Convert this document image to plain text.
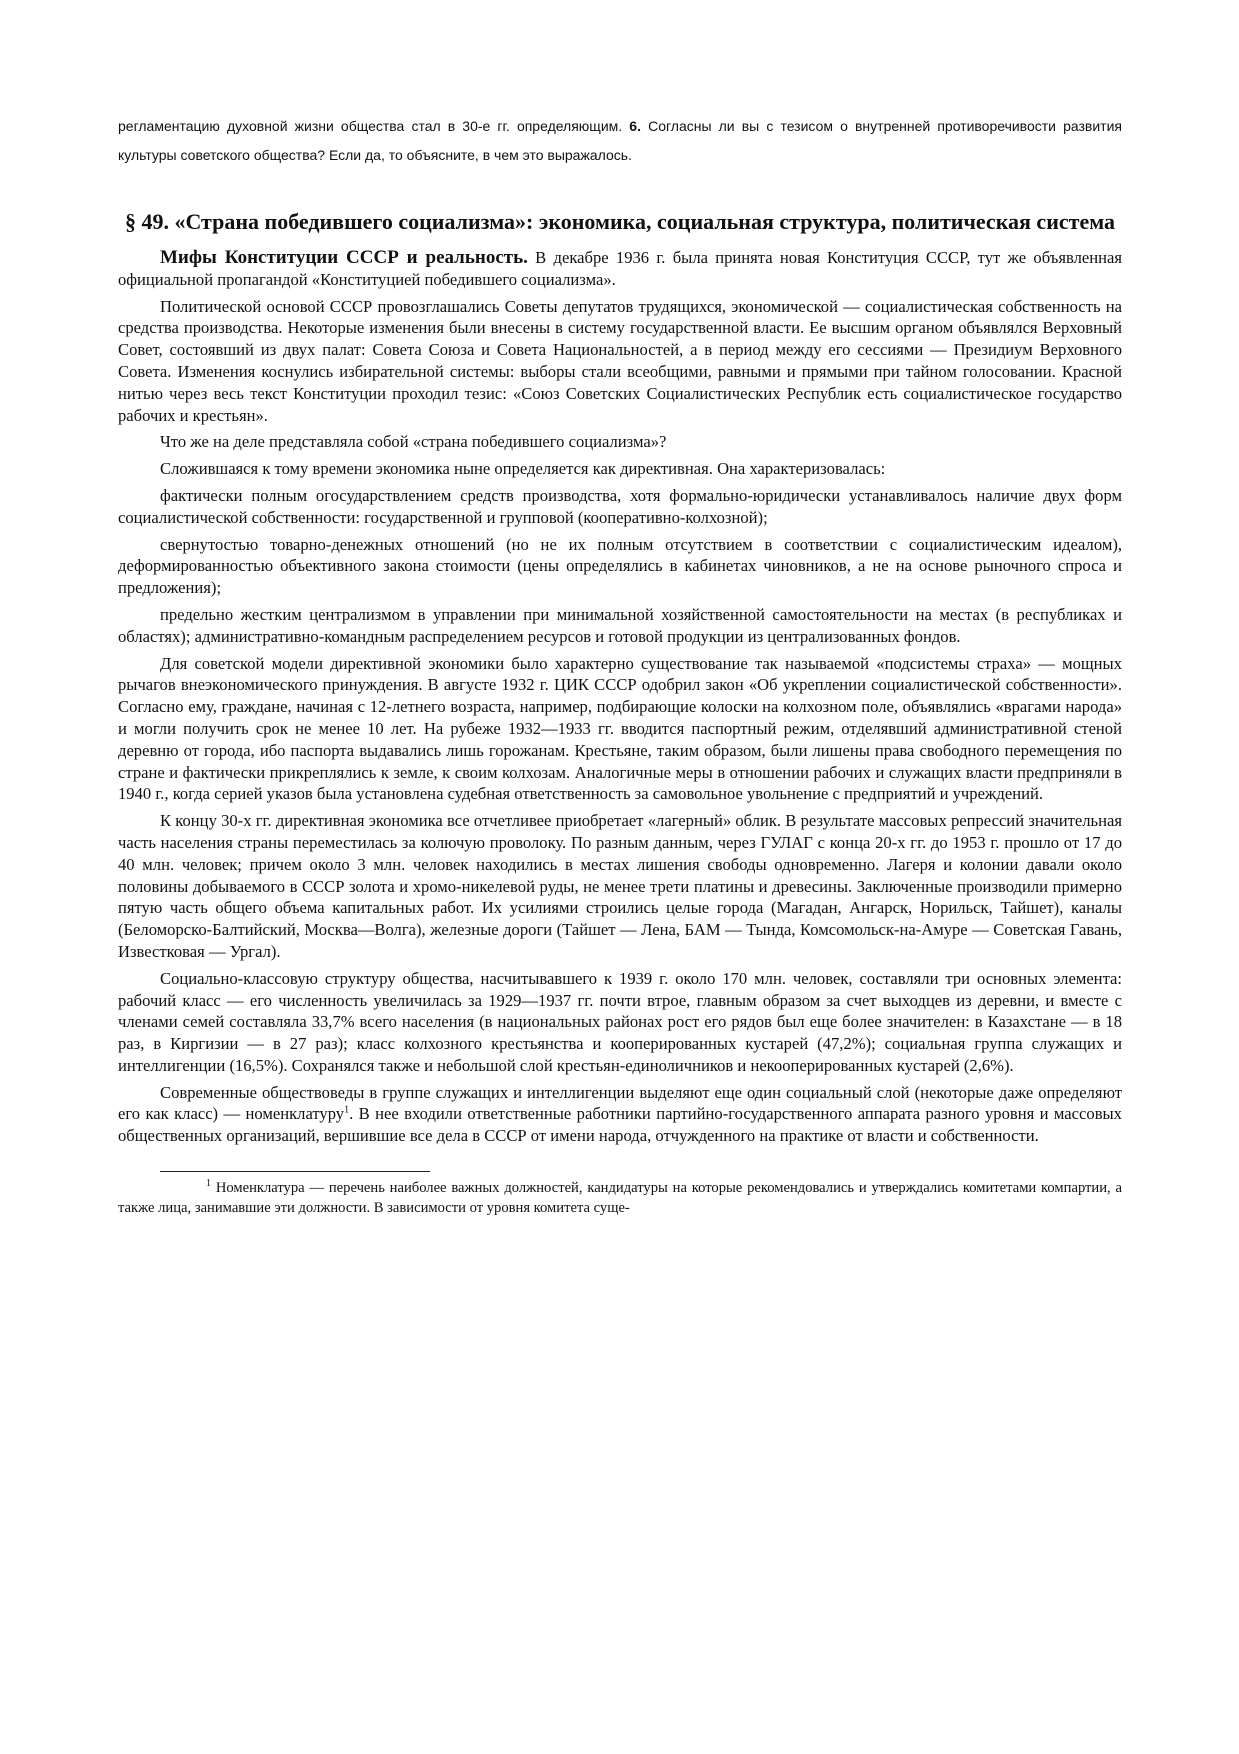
регламентацию духовной жизни общества стал в 30-е гг. определяющим. 6. Согласны ли вы с тезисом о внутренней противоречивости развития культуры советского общества? Если да, то объясните, в чем это выражалось.

§ 49. «Страна победившего социализма»: экономика, социальная структура, политическая система

Мифы Конституции СССР и реальность. В декабре 1936 г. была принята новая Конституция СССР, тут же объявленная официальной пропагандой «Конституцией победившего социализма».

Политической основой СССР провозглашались Советы депутатов трудящихся, экономической — социалистическая собственность на средства производства. Некоторые изменения были внесены в систему государственной власти. Ее высшим органом объявлялся Верховный Совет, состоявший из двух палат: Совета Союза и Совета Национальностей, а в период между его сессиями — Президиум Верховного Совета. Изменения коснулись избирательной системы: выборы стали всеобщими, равными и прямыми при тайном голосовании. Красной нитью через весь текст Конституции проходил тезис: «Союз Советских Социалистических Республик есть социалистическое государство рабочих и крестьян».

Что же на деле представляла собой «страна победившего социализма»?

Сложившаяся к тому времени экономика ныне определяется как директивная. Она характеризовалась:

фактически полным огосударствлением средств производства, хотя формально-юридически устанавливалось наличие двух форм социалистической собственности: государственной и групповой (кооперативно-колхозной);

свернутостью товарно-денежных отношений (но не их полным отсутствием в соответствии с социалистическим идеалом), деформированностью объективного закона стоимости (цены определялись в кабинетах чиновников, а не на основе рыночного спроса и предложения);

предельно жестким централизмом в управлении при минимальной хозяйственной самостоятельности на местах (в республиках и областях); административно-командным распределением ресурсов и готовой продукции из централизованных фондов.

Для советской модели директивной экономики было характерно существование так называемой «подсистемы страха» — мощных рычагов внеэкономического принуждения. В августе 1932 г. ЦИК СССР одобрил закон «Об укреплении социалистической собственности». Согласно ему, граждане, начиная с 12-летнего возраста, например, подбирающие колоски на колхозном поле, объявлялись «врагами народа» и могли получить срок не менее 10 лет. На рубеже 1932—1933 гг. вводится паспортный режим, отделявший административной стеной деревню от города, ибо паспорта выдавались лишь горожанам. Крестьяне, таким образом, были лишены права свободного перемещения по стране и фактически прикреплялись к земле, к своим колхозам. Аналогичные меры в отношении рабочих и служащих власти предприняли в 1940 г., когда серией указов была установлена судебная ответственность за самовольное увольнение с предприятий и учреждений.

К концу 30-х гг. директивная экономика все отчетливее приобретает «лагерный» облик. В результате массовых репрессий значительная часть населения страны переместилась за колючую проволоку. По разным данным, через ГУЛАГ с конца 20-х гг. до 1953 г. прошло от 17 до 40 млн. человек; причем около 3 млн. человек находились в местах лишения свободы одновременно. Лагеря и колонии давали около половины добываемого в СССР золота и хромо-никелевой руды, не менее трети платины и древесины. Заключенные производили примерно пятую часть общего объема капитальных работ. Их усилиями строились целые города (Магадан, Ангарск, Норильск, Тайшет), каналы (Беломорско-Балтийский, Москва—Волга), железные дороги (Тайшет — Лена, БАМ — Тында, Комсомольск-на-Амуре — Советская Гавань, Известковая — Ургал).

Социально-классовую структуру общества, насчитывавшего к 1939 г. около 170 млн. человек, составляли три основных элемента: рабочий класс — его численность увеличилась за 1929—1937 гг. почти втрое, главным образом за счет выходцев из деревни, и вместе с членами семей составляла 33,7% всего населения (в национальных районах рост его рядов был еще более значителен: в Казахстане — в 18 раз, в Киргизии — в 27 раз); класс колхозного крестьянства и кооперированных кустарей (47,2%); социальная группа служащих и интеллигенции (16,5%). Сохранялся также и небольшой слой крестьян-единоличников и некооперированных кустарей (2,6%).

Современные обществоведы в группе служащих и интеллигенции выделяют еще один социальный слой (некоторые даже определяют его как класс) — номенклатуру$^1$. В нее входили ответственные работники партийно-государственного аппарата разного уровня и массовых общественных организаций, вершившие все дела в СССР от имени народа, отчужденного на практике от власти и собственности.

$^1$ Номенклатура — перечень наиболее важных должностей, кандидатуры на которые рекомендовались и утверждались комитетами компартии, а также лица, занимавшие эти должности. В зависимости от уровня комитета суще-
